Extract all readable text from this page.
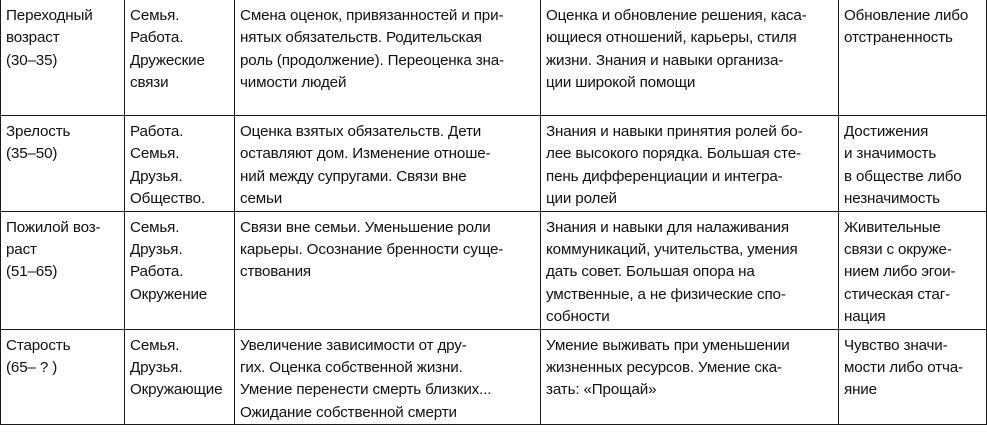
Переходный
возраст
(30–35)	Семья.
Работа.
Дружеские
связи	Смена оценок, привязанностей и при-
нятых обязательств. Родительская
роль (продолжение). Переоценка зна-
чимости людей	Оценка и обновление решения, каса-
ющиеся отношений, карьеры, стиля
жизни. Знания и навыки организа-
ции широкой помощи	Обновление либо
отстраненность

Зрелость
(35–50)	Работа.
Семья.
Друзья.
Общество.	Оценка взятых обязательств. Дети
оставляют дом. Изменение отноше-
ний между супругами. Связи вне
семьи	Знания и навыки принятия ролей бо-
лее высокого порядка. Большая сте-
пень дифференциации и интегра-
ции ролей	Достижения
и значимость
в обществе либо
незначимость

Пожилой воз-
раст
(51–65)	Семья.
Друзья.
Работа.
Окружение	Связи вне семьи. Уменьшение роли
карьеры. Осознание бренности суще-
ствования	Знания и навыки для налаживания
коммуникаций, учительства, умения
дать совет. Большая опора на
умственные, а не физические спо-
собности	Живительные
связи с окруже-
нием либо эгои-
стическая стаг-
нация

Старость
(65– ? )	Семья.
Друзья.
Окружающие	Увеличение зависимости от дру-
гих. Оценка собственной жизни.
Умение перенести смерть близких...
Ожидание собственной смерти	Умение выживать при уменьшении
жизненных ресурсов. Умение ска-
зать: «Прощай»	Чувство значи-
мости либо отча-
яние
